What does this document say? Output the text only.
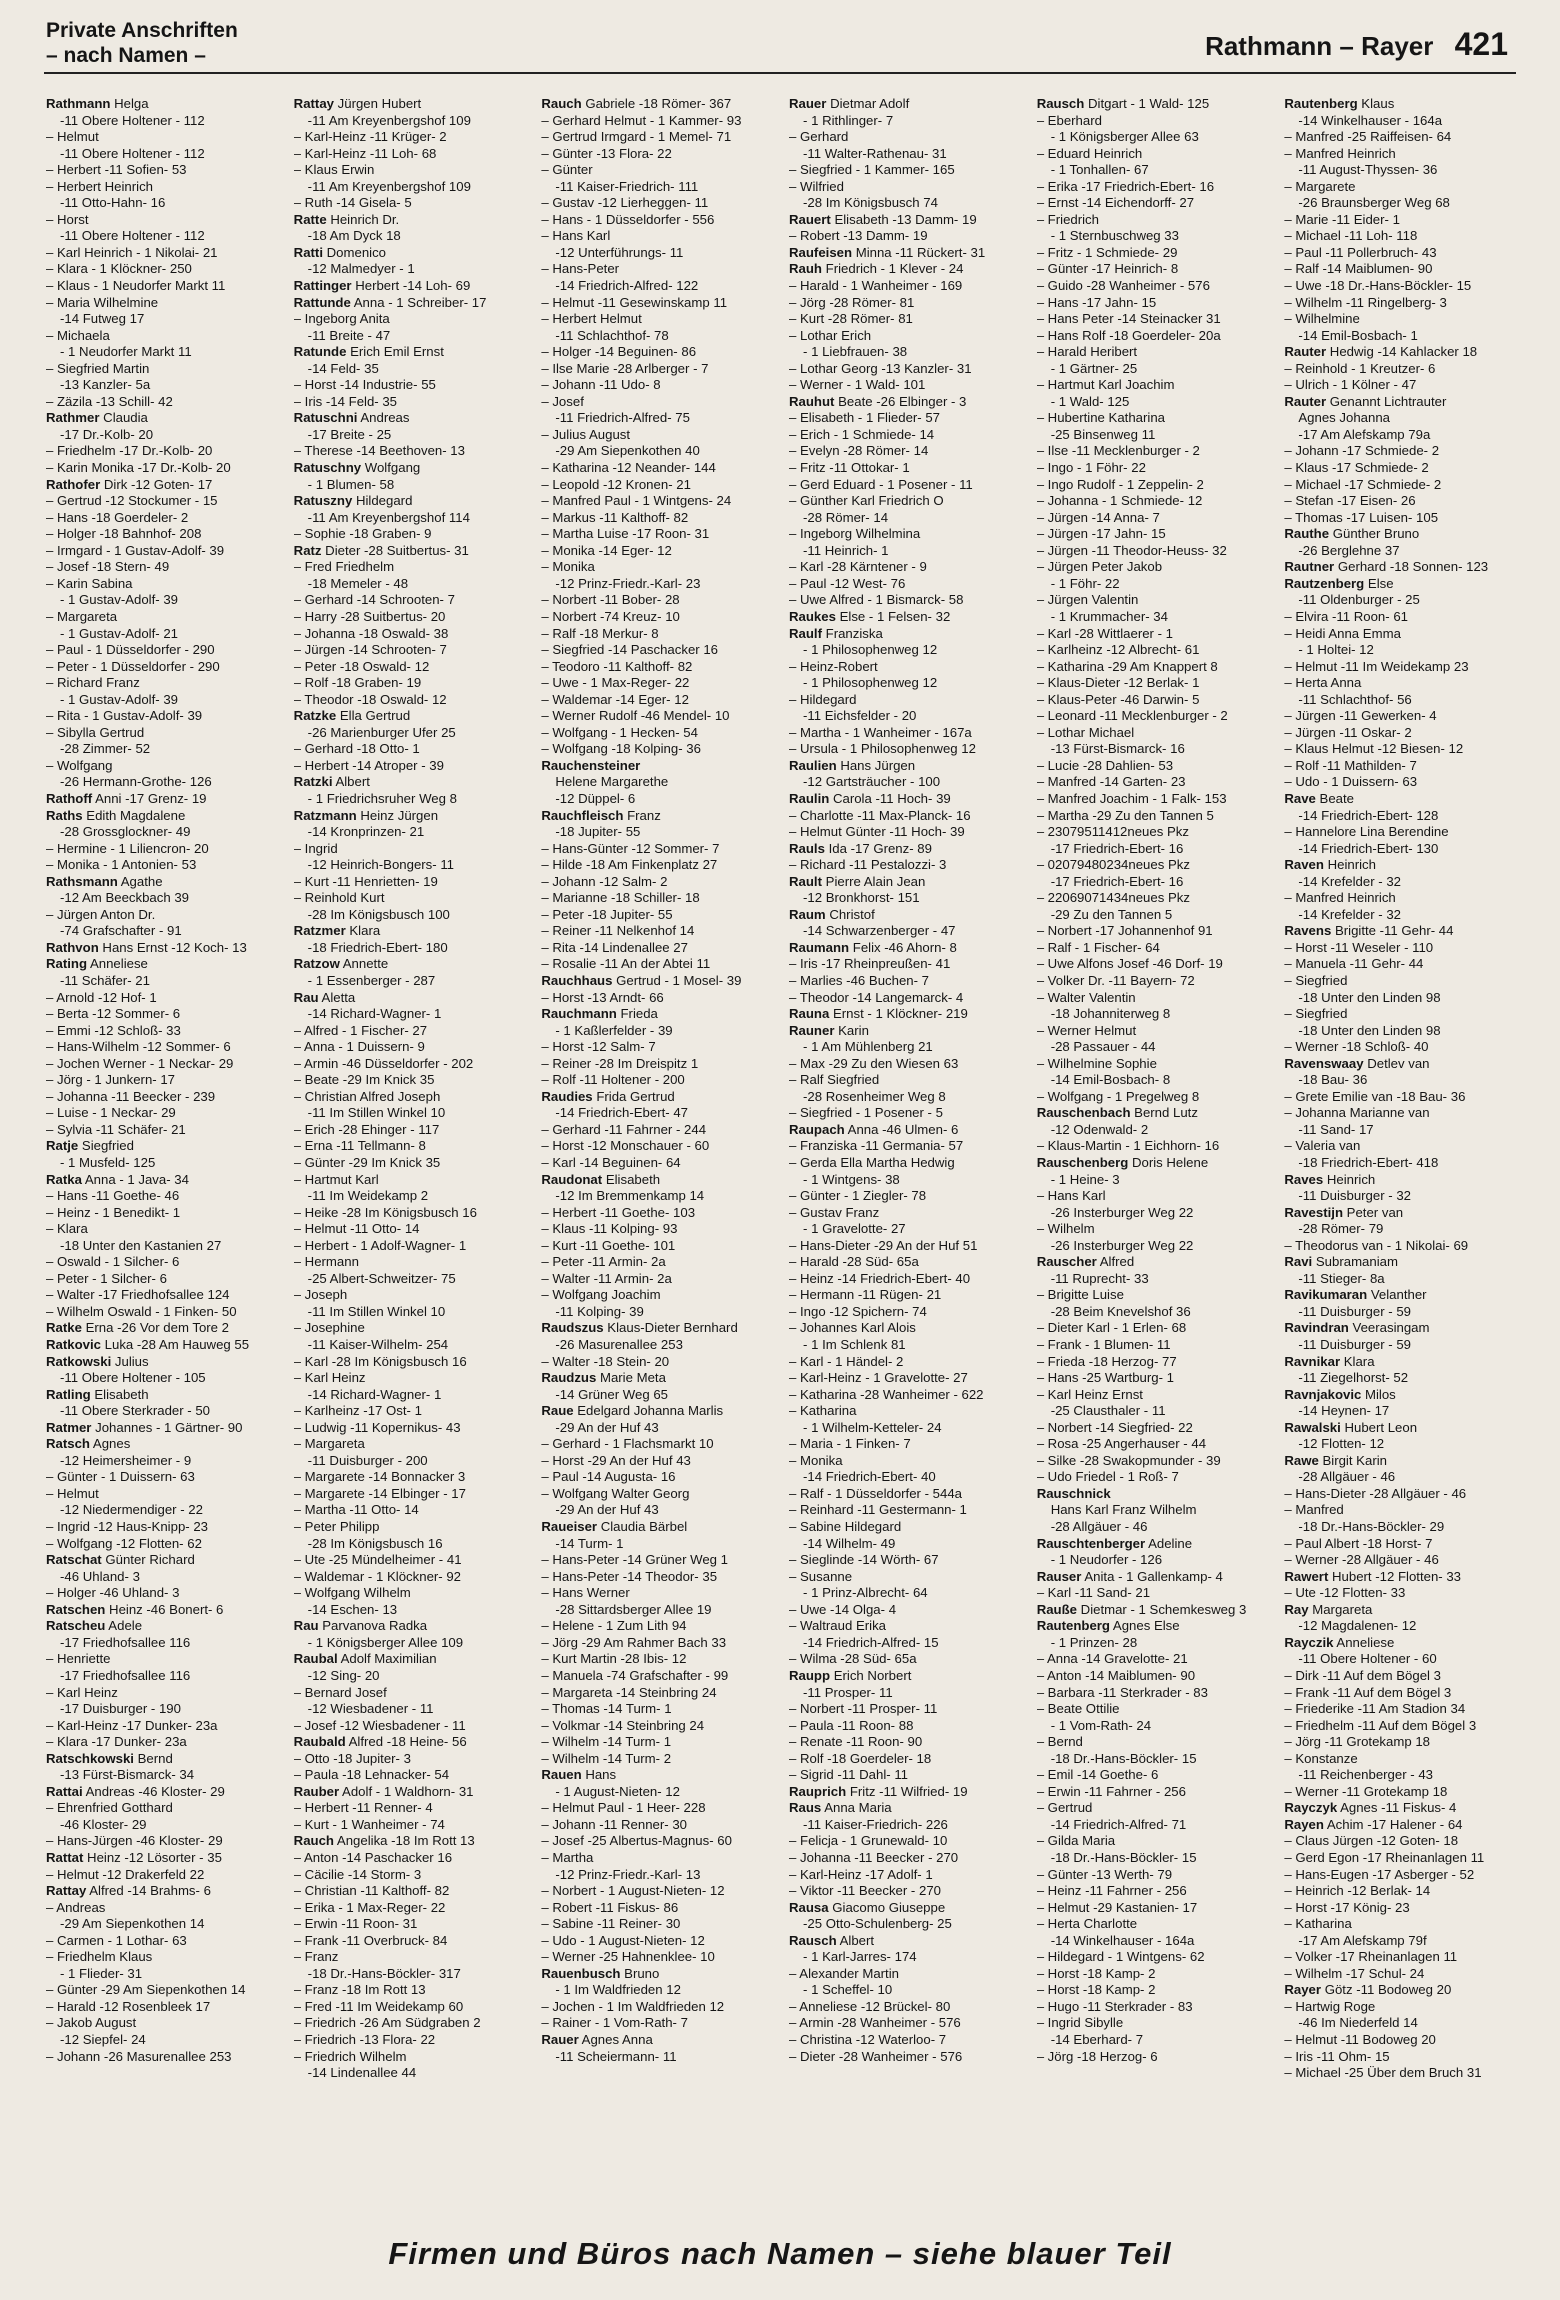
Private Anschriften
– nach Namen –	Rathmann – Rayer 421
Rathmann Helga
-11 Obere Holtener - 112
– Helmut
-11 Obere Holtener - 112
– Herbert -11 Sofien- 53
– Herbert Heinrich
-11 Otto-Hahn- 16
– Horst
-11 Obere Holtener - 112
– Karl Heinrich - 1 Nikolai- 21
– Klara - 1 Klöckner- 250
– Klaus - 1 Neudorfer Markt 11
– Maria Wilhelmine
-14 Futweg 17
– Michaela
- 1 Neudorfer Markt 11
– Siegfried Martin
-13 Kanzler- 5a
– Zäzila -13 Schill- 42
Rathmer Claudia
-17 Dr.-Kolb- 20
– Friedhelm -17 Dr.-Kolb- 20
– Karin Monika -17 Dr.-Kolb- 20
Rathofer Dirk -12 Goten- 17
– Gertrud -12 Stockumer - 15
– Hans -18 Goerdeler- 2
– Holger -18 Bahnhof- 208
– Irmgard - 1 Gustav-Adolf- 39
– Josef -18 Stern- 49
– Karin Sabina
- 1 Gustav-Adolf- 39
– Margareta
- 1 Gustav-Adolf- 21
– Paul - 1 Düsseldorfer - 290
– Peter - 1 Düsseldorfer - 290
– Richard Franz
- 1 Gustav-Adolf- 39
– Rita - 1 Gustav-Adolf- 39
– Sibylla Gertrud
-28 Zimmer- 52
– Wolfgang
-26 Hermann-Grothe- 126
Rathoff Anni -17 Grenz- 19
Raths Edith Magdalene
-28 Grossglockner- 49
– Hermine - 1 Liliencron- 20
– Monika - 1 Antonien- 53
Rathsmann Agathe
-12 Am Beeckbach 39
– Jürgen Anton Dr.
-74 Grafschafter - 91
Rathvon Hans Ernst -12 Koch- 13
Rating Anneliese
-11 Schäfer- 21
– Arnold -12 Hof- 1
– Berta -12 Sommer- 6
– Emmi -12 Schloß- 33
– Hans-Wilhelm -12 Sommer- 6
– Jochen Werner - 1 Neckar- 29
– Jörg - 1 Junkern- 17
– Johanna -11 Beecker - 239
– Luise - 1 Neckar- 29
– Sylvia -11 Schäfer- 21
Ratje Siegfried
- 1 Musfeld- 125
Ratka Anna - 1 Java- 34
– Hans -11 Goethe- 46
– Heinz - 1 Benedikt- 1
– Klara
-18 Unter den Kastanien 27
– Oswald - 1 Silcher- 6
– Peter - 1 Silcher- 6
– Walter -17 Friedhofsallee 124
– Wilhelm Oswald - 1 Finken- 50
Ratke Erna -26 Vor dem Tore 2
Ratkovic Luka -28 Am Hauweg 55
Ratkowski Julius
-11 Obere Holtener - 105
Ratling Elisabeth
-11 Obere Sterkrader - 50
Ratmer Johannes - 1 Gärtner- 90
Ratsch Agnes
-12 Heimersheimer - 9
– Günter - 1 Duissern- 63
– Helmut
-12 Niedermendiger - 22
– Ingrid -12 Haus-Knipp- 23
– Wolfgang -12 Flotten- 62
Ratschat Günter Richard
-46 Uhland- 3
– Holger -46 Uhland- 3
Ratschen Heinz -46 Bonert- 6
Ratscheu Adele
-17 Friedhofsallee 116
– Henriette
-17 Friedhofsallee 116
– Karl Heinz
-17 Duisburger - 190
– Karl-Heinz -17 Dunker- 23a
– Klara -17 Dunker- 23a
Ratschkowski Bernd
-13 Fürst-Bismarck- 34
Rattai Andreas -46 Kloster- 29
– Ehrenfried Gotthard
-46 Kloster- 29
– Hans-Jürgen -46 Kloster- 29
Rattat Heinz -12 Lösorter - 35
– Helmut -12 Drakerfeld 22
Rattay Alfred -14 Brahms- 6
– Andreas
-29 Am Siepenkothen 14
– Carmen - 1 Lothar- 63
– Friedhelm Klaus
- 1 Flieder- 31
– Günter -29 Am Siepenkothen 14
– Harald -12 Rosenbleek 17
– Jakob August
-12 Siepfel- 24
– Johann -26 Masurenallee 253
Rattay Jürgen Hubert
-11 Am Kreyenbergshof 109
– Karl-Heinz -11 Krüger- 2
– Karl-Heinz -11 Loh- 68
– Klaus Erwin
-11 Am Kreyenbergshof 109
– Ruth -14 Gisela- 5
Ratte Heinrich Dr.
-18 Am Dyck 18
Ratti Domenico
-12 Malmedyer - 1
Rattinger Herbert -14 Loh- 69
Rattunde Anna - 1 Schreiber- 17
– Ingeborg Anita
-11 Breite - 47
Ratunde Erich Emil Ernst
-14 Feld- 35
– Horst -14 Industrie- 55
– Iris -14 Feld- 35
Ratuschni Andreas
-17 Breite - 25
– Therese -14 Beethoven- 13
Ratuschny Wolfgang
- 1 Blumen- 58
Ratuszny Hildegard
-11 Am Kreyenbergshof 114
– Sophie -18 Graben- 9
Ratz Dieter -28 Suitbertus- 31
– Fred Friedhelm
-18 Memeler - 48
– Gerhard -14 Schrooten- 7
– Harry -28 Suitbertus- 20
– Johanna -18 Oswald- 38
– Jürgen -14 Schrooten- 7
– Peter -18 Oswald- 12
– Rolf -18 Graben- 19
– Theodor -18 Oswald- 12
Ratzke Ella Gertrud
-26 Marienburger Ufer 25
– Gerhard -18 Otto- 1
– Herbert -14 Atroper - 39
Ratzki Albert
- 1 Friedrichsruher Weg 8
Ratzmann Heinz Jürgen
-14 Kronprinzen- 21
– Ingrid
-12 Heinrich-Bongers- 11
– Kurt -11 Henrietten- 19
– Reinhold Kurt
-28 Im Königsbusch 100
Ratzmer Klara
-18 Friedrich-Ebert- 180
Ratzow Annette
- 1 Essenberger - 287
Rau Aletta
-14 Richard-Wagner- 1
– Alfred - 1 Fischer- 27
– Anna - 1 Duissern- 9
– Armin -46 Düsseldorfer - 202
– Beate -29 Im Knick 35
– Christian Alfred Joseph
-11 Im Stillen Winkel 10
– Erich -28 Ehinger - 117
– Erna -11 Tellmann- 8
– Günter -29 Im Knick 35
– Hartmut Karl
-11 Im Weidekamp 2
– Heike -28 Im Königsbusch 16
– Helmut -11 Otto- 14
– Herbert - 1 Adolf-Wagner- 1
– Hermann
-25 Albert-Schweitzer- 75
– Joseph
-11 Im Stillen Winkel 10
– Josephine
-11 Kaiser-Wilhelm- 254
– Karl -28 Im Königsbusch 16
– Karl Heinz
-14 Richard-Wagner- 1
– Karlheinz -17 Ost- 1
– Ludwig -11 Kopernikus- 43
– Margareta
-11 Duisburger - 200
– Margarete -14 Bonnacker 3
– Margarete -14 Elbinger - 17
– Martha -11 Otto- 14
– Peter Philipp
-28 Im Königsbusch 16
– Ute -25 Mündelheimer - 41
– Waldemar - 1 Klöckner- 92
– Wolfgang Wilhelm
-14 Eschen- 13
Rau Parvanova Radka
- 1 Königsberger Allee 109
Raubal Adolf Maximilian
-12 Sing- 20
– Bernard Josef
-12 Wiesbadener - 11
– Josef -12 Wiesbadener - 11
Raubald Alfred -18 Heine- 56
– Otto -18 Jupiter- 3
– Paula -18 Lehnacker- 54
Rauber Adolf - 1 Waldhorn- 31
– Herbert -11 Renner- 4
– Kurt - 1 Wanheimer - 74
Rauch Angelika -18 Im Rott 13
– Anton -14 Paschacker 16
– Cäcilie -14 Storm- 3
– Christian -11 Kalthoff- 82
– Erika - 1 Max-Reger- 22
– Erwin -11 Roon- 31
– Frank -11 Overbruck- 84
– Franz
-18 Dr.-Hans-Böckler- 317
– Franz -18 Im Rott 13
– Fred -11 Im Weidekamp 60
– Friedrich -26 Am Südgraben 2
– Friedrich -13 Flora- 22
– Friedrich Wilhelm
-14 Lindenallee 44
Rauch Gabriele -18 Römer- 367
– Gerhard Helmut - 1 Kammer- 93
– Gertrud Irmgard - 1 Memel- 71
– Günter -13 Flora- 22
– Günter
-11 Kaiser-Friedrich- 111
– Gustav -12 Lierheggen- 11
– Hans - 1 Düsseldorfer - 556
– Hans Karl
-12 Unterführungs- 11
– Hans-Peter
-14 Friedrich-Alfred- 122
– Helmut -11 Gesewinskamp 11
– Herbert Helmut
-11 Schlachthof- 78
– Holger -14 Beguinen- 86
– Ilse Marie -28 Arlberger - 7
– Johann -11 Udo- 8
– Josef
-11 Friedrich-Alfred- 75
– Julius August
-29 Am Siepenkothen 40
– Katharina -12 Neander- 144
– Leopold -12 Kronen- 21
– Manfred Paul - 1 Wintgens- 24
– Markus -11 Kalthoff- 82
– Martha Luise -17 Roon- 31
– Monika -14 Eger- 12
– Monika
-12 Prinz-Friedr.-Karl- 23
– Norbert -11 Bober- 28
– Norbert -74 Kreuz- 10
– Ralf -18 Merkur- 8
– Siegfried -14 Paschacker 16
– Teodoro -11 Kalthoff- 82
– Uwe - 1 Max-Reger- 22
– Waldemar -14 Eger- 12
– Werner Rudolf -46 Mendel- 10
– Wolfgang - 1 Hecken- 54
– Wolfgang -18 Kolping- 36
Rauchensteiner
Helene Margarethe
-12 Düppel- 6
Rauchfleisch Franz
-18 Jupiter- 55
– Hans-Günter -12 Sommer- 7
– Hilde -18 Am Finkenplatz 27
– Johann -12 Salm- 2
– Marianne -18 Schiller- 18
– Peter -18 Jupiter- 55
– Reiner -11 Nelkenhof 14
– Rita -14 Lindenallee 27
– Rosalie -11 An der Abtei 11
Rauchhaus Gertrud - 1 Mosel- 39
– Horst -13 Arndt- 66
Rauchmann Frieda
- 1 Kaßlerfelder - 39
– Horst -12 Salm- 7
– Reiner -28 Im Dreispitz 1
– Rolf -11 Holtener - 200
Raudies Frida Gertrud
-14 Friedrich-Ebert- 47
– Gerhard -11 Fahrner - 244
– Horst -12 Monschauer - 60
– Karl -14 Beguinen- 64
Raudonat Elisabeth
-12 Im Bremmenkamp 14
– Herbert -11 Goethe- 103
– Klaus -11 Kolping- 93
– Kurt -11 Goethe- 101
– Peter -11 Armin- 2a
– Walter -11 Armin- 2a
– Wolfgang Joachim
-11 Kolping- 39
Raudszus Klaus-Dieter Bernhard
-26 Masurenallee 253
– Walter -18 Stein- 20
Raudzus Marie Meta
-14 Grüner Weg 65
Raue Edelgard Johanna Marlis
-29 An der Huf 43
– Gerhard - 1 Flachsmarkt 10
– Horst -29 An der Huf 43
– Paul -14 Augusta- 16
– Wolfgang Walter Georg
-29 An der Huf 43
Raueiser Claudia Bärbel
-14 Turm- 1
– Hans-Peter -14 Grüner Weg 1
– Hans-Peter -14 Theodor- 35
– Hans Werner
-28 Sittardsberger Allee 19
– Helene - 1 Zum Lith 94
– Jörg -29 Am Rahmer Bach 33
– Kurt Martin -28 Ibis- 12
– Manuela -74 Grafschafter - 99
– Margareta -14 Steinbring 24
– Thomas -14 Turm- 1
– Volkmar -14 Steinbring 24
– Wilhelm -14 Turm- 1
– Wilhelm -14 Turm- 2
Rauen Hans
- 1 August-Nieten- 12
– Helmut Paul - 1 Heer- 228
– Johann -11 Renner- 30
– Josef -25 Albertus-Magnus- 60
– Martha
-12 Prinz-Friedr.-Karl- 13
– Norbert - 1 August-Nieten- 12
– Robert -11 Fiskus- 86
– Sabine -11 Reiner- 30
– Udo - 1 August-Nieten- 12
– Werner -25 Hahnenklee- 10
Rauenbusch Bruno
- 1 Im Waldfrieden 12
– Jochen - 1 Im Waldfrieden 12
– Rainer - 1 Vom-Rath- 7
Rauer Agnes Anna
-11 Scheiermann- 11
Rauer Dietmar Adolf
- 1 Rithlinger- 7
– Gerhard
-11 Walter-Rathenau- 31
– Siegfried - 1 Kammer- 165
– Wilfried
-28 Im Königsbusch 74
Rauert Elisabeth -13 Damm- 19
– Robert -13 Damm- 19
Raufeisen Minna -11 Rückert- 31
Rauh Friedrich - 1 Klever - 24
– Harald - 1 Wanheimer - 169
– Jörg -28 Römer- 81
– Kurt -28 Römer- 81
– Lothar Erich
- 1 Liebfrauen- 38
– Lothar Georg -13 Kanzler- 31
– Werner - 1 Wald- 101
Rauhut Beate -26 Elbinger - 3
– Elisabeth - 1 Flieder- 57
– Erich - 1 Schmiede- 14
– Evelyn -28 Römer- 14
– Fritz -11 Ottokar- 1
– Gerd Eduard - 1 Posener - 11
– Günther Karl Friedrich O
-28 Römer- 14
– Ingeborg Wilhelmina
-11 Heinrich- 1
– Karl -28 Kärntener - 9
– Paul -12 West- 76
– Uwe Alfred - 1 Bismarck- 58
Raukes Else - 1 Felsen- 32
Raulf Franziska
- 1 Philosophenweg 12
– Heinz-Robert
- 1 Philosophenweg 12
– Hildegard
-11 Eichsfelder - 20
– Martha - 1 Wanheimer - 167a
– Ursula - 1 Philosophenweg 12
Raulien Hans Jürgen
-12 Gartsträucher - 100
Raulin Carola -11 Hoch- 39
– Charlotte -11 Max-Planck- 16
– Helmut Günter -11 Hoch- 39
Rauls Ida -17 Grenz- 89
– Richard -11 Pestalozzi- 3
Rault Pierre Alain Jean
-12 Bronkhorst- 151
Raum Christof
-14 Schwarzenberger - 47
Raumann Felix -46 Ahorn- 8
– Iris -17 Rheinpreußen- 41
– Marlies -46 Buchen- 7
– Theodor -14 Langemarck- 4
Rauna Ernst - 1 Klöckner- 219
Rauner Karin
- 1 Am Mühlenberg 21
– Max -29 Zu den Wiesen 63
– Ralf Siegfried
-28 Rosenheimer Weg 8
– Siegfried - 1 Posener - 5
Raupach Anna -46 Ulmen- 6
– Franziska -11 Germania- 57
– Gerda Ella Martha Hedwig
- 1 Wintgens- 38
– Günter - 1 Ziegler- 78
– Gustav Franz
- 1 Gravelotte- 27
– Hans-Dieter -29 An der Huf 51
– Harald -28 Süd- 65a
– Heinz -14 Friedrich-Ebert- 40
– Hermann -11 Rügen- 21
– Ingo -12 Spichern- 74
– Johannes Karl Alois
- 1 Im Schlenk 81
– Karl - 1 Händel- 2
– Karl-Heinz - 1 Gravelotte- 27
– Katharina -28 Wanheimer - 622
– Katharina
- 1 Wilhelm-Ketteler- 24
– Maria - 1 Finken- 7
– Monika
-14 Friedrich-Ebert- 40
– Ralf - 1 Düsseldorfer - 544a
– Reinhard -11 Gestermann- 1
– Sabine Hildegard
-14 Wilhelm- 49
– Sieglinde -14 Wörth- 67
– Susanne
- 1 Prinz-Albrecht- 64
– Uwe -14 Olga- 4
– Waltraud Erika
-14 Friedrich-Alfred- 15
– Wilma -28 Süd- 65a
Raupp Erich Norbert
-11 Prosper- 11
– Norbert -11 Prosper- 11
– Paula -11 Roon- 88
– Renate -11 Roon- 90
– Rolf -18 Goerdeler- 18
– Sigrid -11 Dahl- 11
Rauprich Fritz -11 Wilfried- 19
Raus Anna Maria
-11 Kaiser-Friedrich- 226
– Felicja - 1 Grunewald- 10
– Johanna -11 Beecker - 270
– Karl-Heinz -17 Adolf- 1
– Viktor -11 Beecker - 270
Rausa Giacomo Giuseppe
-25 Otto-Schulenberg- 25
Rausch Albert
- 1 Karl-Jarres- 174
– Alexander Martin
- 1 Scheffel- 10
– Anneliese -12 Brückel- 80
– Armin -28 Wanheimer - 576
– Christina -12 Waterloo- 7
– Dieter -28 Wanheimer - 576
Rausch Ditgart - 1 Wald- 125
– Eberhard
- 1 Königsberger Allee 63
– Eduard Heinrich
- 1 Tonhallen- 67
– Erika -17 Friedrich-Ebert- 16
– Ernst -14 Eichendorff- 27
– Friedrich
- 1 Sternbuschweg 33
– Fritz - 1 Schmiede- 29
– Günter -17 Heinrich- 8
– Guido -28 Wanheimer - 576
– Hans -17 Jahn- 15
– Hans Peter -14 Steinacker 31
– Hans Rolf -18 Goerdeler- 20a
– Harald Heribert
- 1 Gärtner- 25
– Hartmut Karl Joachim
- 1 Wald- 125
– Hubertine Katharina
-25 Binsenweg 11
– Ilse -11 Mecklenburger - 2
– Ingo - 1 Föhr- 22
– Ingo Rudolf - 1 Zeppelin- 2
– Johanna - 1 Schmiede- 12
– Jürgen -14 Anna- 7
– Jürgen -17 Jahn- 15
– Jürgen -11 Theodor-Heuss- 32
– Jürgen Peter Jakob
- 1 Föhr- 22
– Jürgen Valentin
- 1 Krummacher- 34
– Karl -28 Wittlaerer - 1
– Karlheinz -12 Albrecht- 61
– Katharina -29 Am Knappert 8
– Klaus-Dieter -12 Berlak- 1
– Klaus-Peter -46 Darwin- 5
– Leonard -11 Mecklenburger - 2
– Lothar Michael
-13 Fürst-Bismarck- 16
– Lucie -28 Dahlien- 53
– Manfred -14 Garten- 23
– Manfred Joachim - 1 Falk- 153
– Martha -29 Zu den Tannen 5
– 23079511412neues Pkz
-17 Friedrich-Ebert- 16
– 02079480234neues Pkz
-17 Friedrich-Ebert- 16
– 22069071434neues Pkz
-29 Zu den Tannen 5
– Norbert -17 Johannenhof 91
– Ralf - 1 Fischer- 64
– Uwe Alfons Josef -46 Dorf- 19
– Volker Dr. -11 Bayern- 72
– Walter Valentin
-18 Johanniterweg 8
– Werner Helmut
-28 Passauer - 44
– Wilhelmine Sophie
-14 Emil-Bosbach- 8
– Wolfgang - 1 Pregelweg 8
Rauschenbach Bernd Lutz
-12 Odenwald- 2
– Klaus-Martin - 1 Eichhorn- 16
Rauschenberg Doris Helene
- 1 Heine- 3
– Hans Karl
-26 Insterburger Weg 22
– Wilhelm
-26 Insterburger Weg 22
Rauscher Alfred
-11 Ruprecht- 33
– Brigitte Luise
-28 Beim Knevelshof 36
– Dieter Karl - 1 Erlen- 68
– Frank - 1 Blumen- 11
– Frieda -18 Herzog- 77
– Hans -25 Wartburg- 1
– Karl Heinz Ernst
-25 Clausthaler - 11
– Norbert -14 Siegfried- 22
– Rosa -25 Angerhauser - 44
– Silke -28 Swakopmunder - 39
– Udo Friedel - 1 Roß- 7
Rauschnick
Hans Karl Franz Wilhelm
-28 Allgäuer - 46
Rauschtenberger Adeline
- 1 Neudorfer - 126
Rauser Anita - 1 Gallenkamp- 4
– Karl -11 Sand- 21
Rauße Dietmar - 1 Schemkesweg 3
Rautenberg Agnes Else
- 1 Prinzen- 28
– Anna -14 Gravelotte- 21
– Anton -14 Maiblumen- 90
– Barbara -11 Sterkrader - 83
– Beate Ottilie
- 1 Vom-Rath- 24
– Bernd
-18 Dr.-Hans-Böckler- 15
– Emil -14 Goethe- 6
– Erwin -11 Fahrner - 256
– Gertrud
-14 Friedrich-Alfred- 71
– Gilda Maria
-18 Dr.-Hans-Böckler- 15
– Günter -13 Werth- 79
– Heinz -11 Fahrner - 256
– Helmut -29 Kastanien- 17
– Herta Charlotte
-14 Winkelhauser - 164a
– Hildegard - 1 Wintgens- 62
– Horst -18 Kamp- 2
– Horst -18 Kamp- 2
– Hugo -11 Sterkrader - 83
– Ingrid Sibylle
-14 Eberhard- 7
– Jörg -18 Herzog- 6
Rautenberg Klaus
-14 Winkelhauser - 164a
– Manfred -25 Raiffeisen- 64
– Manfred Heinrich
-11 August-Thyssen- 36
– Margarete
-26 Braunsberger Weg 68
– Marie -11 Eider- 1
– Michael -11 Loh- 118
– Paul -11 Pollerbruch- 43
– Ralf -14 Maiblumen- 90
– Uwe -18 Dr.-Hans-Böckler- 15
– Wilhelm -11 Ringelberg- 3
– Wilhelmine
-14 Emil-Bosbach- 1
Rauter Hedwig -14 Kahlacker 18
– Reinhold - 1 Kreutzer- 6
– Ulrich - 1 Kölner - 47
Rauter Genannt Lichtrauter
Agnes Johanna
-17 Am Alefskamp 79a
– Johann -17 Schmiede- 2
– Klaus -17 Schmiede- 2
– Michael -17 Schmiede- 2
– Stefan -17 Eisen- 26
– Thomas -17 Luisen- 105
Rauthe Günther Bruno
-26 Berglehne 37
Rautner Gerhard -18 Sonnen- 123
Rautzenberg Else
-11 Oldenburger - 25
– Elvira -11 Roon- 61
– Heidi Anna Emma
- 1 Holtei- 12
– Helmut -11 Im Weidekamp 23
– Herta Anna
-11 Schlachthof- 56
– Jürgen -11 Gewerken- 4
– Jürgen -11 Oskar- 2
– Klaus Helmut -12 Biesen- 12
– Rolf -11 Mathilden- 7
– Udo - 1 Duissern- 63
Rave Beate
-14 Friedrich-Ebert- 128
– Hannelore Lina Berendine
-14 Friedrich-Ebert- 130
Raven Heinrich
-14 Krefelder - 32
– Manfred Heinrich
-14 Krefelder - 32
Ravens Brigitte -11 Gehr- 44
– Horst -11 Weseler - 110
– Manuela -11 Gehr- 44
– Siegfried
-18 Unter den Linden 98
– Siegfried
-18 Unter den Linden 98
– Werner -18 Schloß- 40
Ravenswaay Detlev van
-18 Bau- 36
– Grete Emilie van -18 Bau- 36
– Johanna Marianne van
-11 Sand- 17
– Valeria van
-18 Friedrich-Ebert- 418
Raves Heinrich
-11 Duisburger - 32
Ravestijn Peter van
-28 Römer- 79
– Theodorus van - 1 Nikolai- 69
Ravi Subramaniam
-11 Stieger- 8a
Ravikumaran Velanther
-11 Duisburger - 59
Ravindran Veerasingam
-11 Duisburger - 59
Ravnikar Klara
-11 Ziegelhorst- 52
Ravnjakovic Milos
-14 Heynen- 17
Rawalski Hubert Leon
-12 Flotten- 12
Rawe Birgit Karin
-28 Allgäuer - 46
– Hans-Dieter -28 Allgäuer - 46
– Manfred
-18 Dr.-Hans-Böckler- 29
– Paul Albert -18 Horst- 7
– Werner -28 Allgäuer - 46
Rawert Hubert -12 Flotten- 33
– Ute -12 Flotten- 33
Ray Margareta
-12 Magdalenen- 12
Rayczik Anneliese
-11 Obere Holtener - 60
– Dirk -11 Auf dem Bögel 3
– Frank -11 Auf dem Bögel 3
– Friederike -11 Am Stadion 34
– Friedhelm -11 Auf dem Bögel 3
– Jörg -11 Grotekamp 18
– Konstanze
-11 Reichenberger - 43
– Werner -11 Grotekamp 18
Rayczyk Agnes -11 Fiskus- 4
Rayen Achim -17 Halener - 64
– Claus Jürgen -12 Goten- 18
– Gerd Egon -17 Rheinanlagen 11
– Hans-Eugen -17 Asberger - 52
– Heinrich -12 Berlak- 14
– Horst -17 König- 23
– Katharina
-17 Am Alefskamp 79f
– Volker -17 Rheinanlagen 11
– Wilhelm -17 Schul- 24
Rayer Götz -11 Bodoweg 20
– Hartwig Roge
-46 Im Niederfeld 14
– Helmut -11 Bodoweg 20
– Iris -11 Ohm- 15
– Michael -25 Über dem Bruch 31
Firmen und Büros nach Namen – siehe blauer Teil
